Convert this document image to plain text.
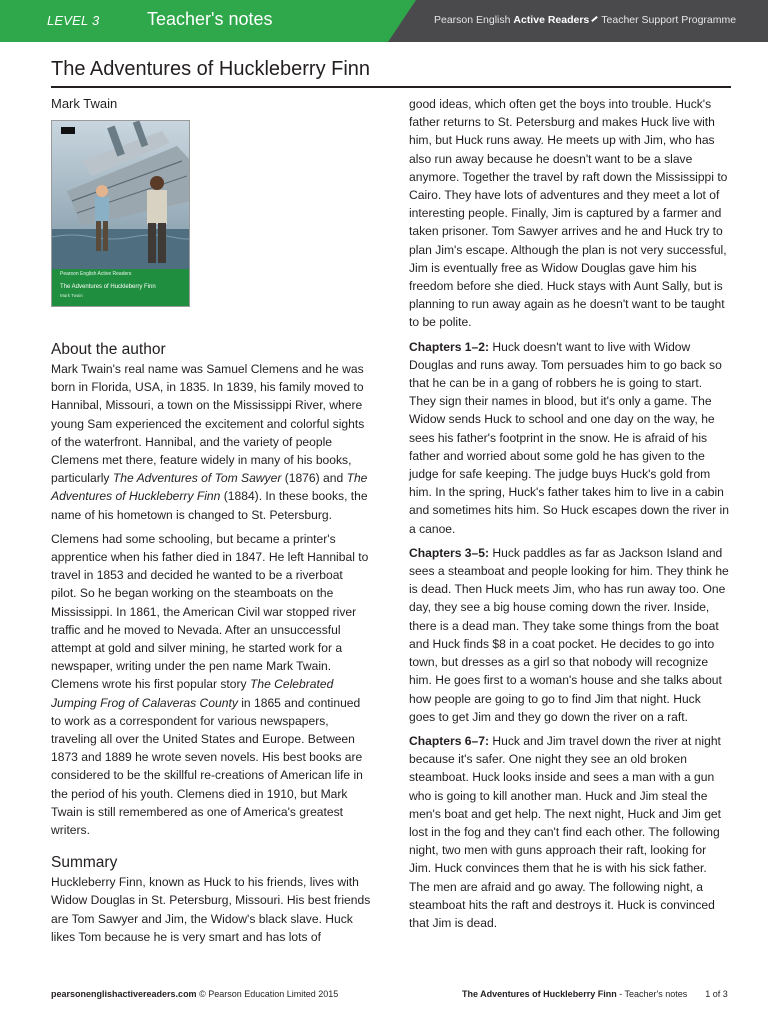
LEVEL 3	Teacher's notes	Pearson English Active Readers Teacher Support Programme
The Adventures of Huckleberry Finn
Mark Twain
Pearson English Active Readers
The Adventures of Huckleberry Finn
Mark Twain
About the author

Mark Twain's real name was Samuel Clemens and he was born in Florida, USA, in 1835. In 1839, his family moved to Hannibal, Missouri, a town on the Mississippi River, where young Sam experienced the excitement and colorful sights of the waterfront. Hannibal, and the variety of people Clemens met there, feature widely in many of his books, particularly The Adventures of Tom Sawyer (1876) and The Adventures of Huckleberry Finn (1884). In these books, the name of his hometown is changed to St. Petersburg.

Clemens had some schooling, but became a printer's apprentice when his father died in 1847. He left Hannibal to travel in 1853 and decided he wanted to be a riverboat pilot. So he began working on the steamboats on the Mississippi. In 1861, the American Civil war stopped river traffic and he moved to Nevada. After an unsuccessful attempt at gold and silver mining, he started work for a newspaper, writing under the pen name Mark Twain. Clemens wrote his first popular story The Celebrated Jumping Frog of Calaveras County in 1865 and continued to work as a correspondent for various newspapers, traveling all over the United States and Europe. Between 1873 and 1889 he wrote seven novels. His best books are considered to be the skillful re-creations of American life in the period of his youth. Clemens died in 1910, but Mark Twain is still remembered as one of America's greatest writers.

Summary

Huckleberry Finn, known as Huck to his friends, lives with Widow Douglas in St. Petersburg, Missouri. His best friends are Tom Sawyer and Jim, the Widow's black slave. Huck likes Tom because he is very smart and has lots of

good ideas, which often get the boys into trouble. Huck's father returns to St. Petersburg and makes Huck live with him, but Huck runs away. He meets up with Jim, who has also run away because he doesn't want to be a slave anymore. Together the travel by raft down the Mississippi to Cairo. They have lots of adventures and they meet a lot of interesting people. Finally, Jim is captured by a farmer and taken prisoner. Tom Sawyer arrives and he and Huck try to plan Jim's escape. Although the plan is not very successful, Jim is eventually free as Widow Douglas gave him his freedom before she died. Huck stays with Aunt Sally, but is planning to run away again as he doesn't want to be taught to be polite.

Chapters 1–2: Huck doesn't want to live with Widow Douglas and runs away. Tom persuades him to go back so that he can be in a gang of robbers he is going to start. They sign their names in blood, but it's only a game. The Widow sends Huck to school and one day on the way, he sees his father's footprint in the snow. He is afraid of his father and worried about some gold he has given to the judge for safe keeping. The judge buys Huck's gold from him. In the spring, Huck's father takes him to live in a cabin and sometimes hits him. So Huck escapes down the river in a canoe.

Chapters 3–5: Huck paddles as far as Jackson Island and sees a steamboat and people looking for him. They think he is dead. Then Huck meets Jim, who has run away too. One day, they see a big house coming down the river. Inside, there is a dead man. They take some things from the boat and Huck finds $8 in a coat pocket. He decides to go into town, but dresses as a girl so that nobody will recognize him. He goes first to a woman's house and she talks about how people are going to go to find Jim that night. Huck goes to get Jim and they go down the river on a raft.

Chapters 6–7: Huck and Jim travel down the river at night because it's safer. One night they see an old broken steamboat. Huck looks inside and sees a man with a gun who is going to kill another man. Huck and Jim steal the men's boat and get help. The next night, Huck and Jim get lost in the fog and they can't find each other. The following night, two men with guns approach their raft, looking for Jim. Huck convinces them that he is with his sick father. The men are afraid and go away. The following night, a steamboat hits the raft and destroys it. Huck is convinced that Jim is dead.

pearsonenglishactivereaders.com © Pearson Education Limited 2015	The Adventures of Huckleberry Finn - Teacher's notes 1 of 3
